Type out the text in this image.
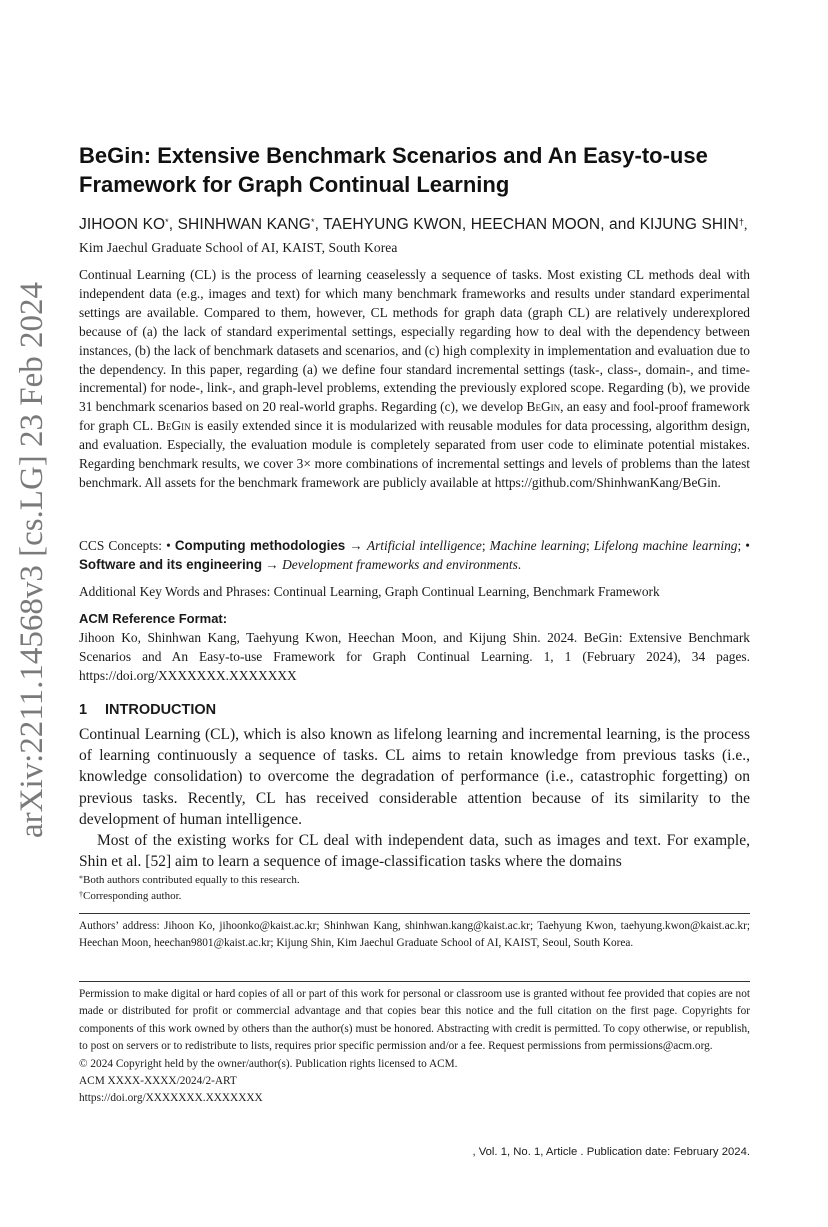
arXiv:2211.14568v3 [cs.LG] 23 Feb 2024
BeGin: Extensive Benchmark Scenarios and An Easy-to-use Framework for Graph Continual Learning
JIHOON KO*, SHINHWAN KANG*, TAEHYUNG KWON, HEECHAN MOON, and KIJUNG SHIN†, Kim Jaechul Graduate School of AI, KAIST, South Korea
Continual Learning (CL) is the process of learning ceaselessly a sequence of tasks. Most existing CL methods deal with independent data (e.g., images and text) for which many benchmark frameworks and results under standard experimental settings are available. Compared to them, however, CL methods for graph data (graph CL) are relatively underexplored because of (a) the lack of standard experimental settings, especially regarding how to deal with the dependency between instances, (b) the lack of benchmark datasets and scenarios, and (c) high complexity in implementation and evaluation due to the dependency. In this paper, regarding (a) we define four standard incremental settings (task-, class-, domain-, and time-incremental) for node-, link-, and graph-level problems, extending the previously explored scope. Regarding (b), we provide 31 benchmark scenarios based on 20 real-world graphs. Regarding (c), we develop BeGin, an easy and fool-proof framework for graph CL. BeGin is easily extended since it is modularized with reusable modules for data processing, algorithm design, and evaluation. Especially, the evaluation module is completely separated from user code to eliminate potential mistakes. Regarding benchmark results, we cover 3× more combinations of incremental settings and levels of problems than the latest benchmark. All assets for the benchmark framework are publicly available at https://github.com/ShinhwanKang/BeGin.
CCS Concepts: • Computing methodologies → Artificial intelligence; Machine learning; Lifelong machine learning; • Software and its engineering → Development frameworks and environments.
Additional Key Words and Phrases: Continual Learning, Graph Continual Learning, Benchmark Framework
ACM Reference Format:
Jihoon Ko, Shinhwan Kang, Taehyung Kwon, Heechan Moon, and Kijung Shin. 2024. BeGin: Extensive Benchmark Scenarios and An Easy-to-use Framework for Graph Continual Learning. 1, 1 (February 2024), 34 pages. https://doi.org/XXXXXXX.XXXXXXX
1 INTRODUCTION

Continual Learning (CL), which is also known as lifelong learning and incremental learning, is the process of learning continuously a sequence of tasks. CL aims to retain knowledge from previous tasks (i.e., knowledge consolidation) to overcome the degradation of performance (i.e., catastrophic forgetting) on previous tasks. Recently, CL has received considerable attention because of its similarity to the development of human intelligence.

Most of the existing works for CL deal with independent data, such as images and text. For example, Shin et al. [52] aim to learn a sequence of image-classification tasks where the domains

*Both authors contributed equally to this research.
†Corresponding author.
Authors’ address: Jihoon Ko, jihoonko@kaist.ac.kr; Shinhwan Kang, shinhwan.kang@kaist.ac.kr; Taehyung Kwon, taehyung.kwon@kaist.ac.kr; Heechan Moon, heechan9801@kaist.ac.kr; Kijung Shin, Kim Jaechul Graduate School of AI, KAIST, Seoul, South Korea.

Permission to make digital or hard copies of all or part of this work for personal or classroom use is granted without fee provided that copies are not made or distributed for profit or commercial advantage and that copies bear this notice and the full citation on the first page. Copyrights for components of this work owned by others than the author(s) must be honored. Abstracting with credit is permitted. To copy otherwise, or republish, to post on servers or to redistribute to lists, requires prior specific permission and/or a fee. Request permissions from permissions@acm.org.

© 2024 Copyright held by the owner/author(s). Publication rights licensed to ACM.

ACM XXXX-XXXX/2024/2-ART

https://doi.org/XXXXXXX.XXXXXXX

, Vol. 1, No. 1, Article . Publication date: February 2024.
